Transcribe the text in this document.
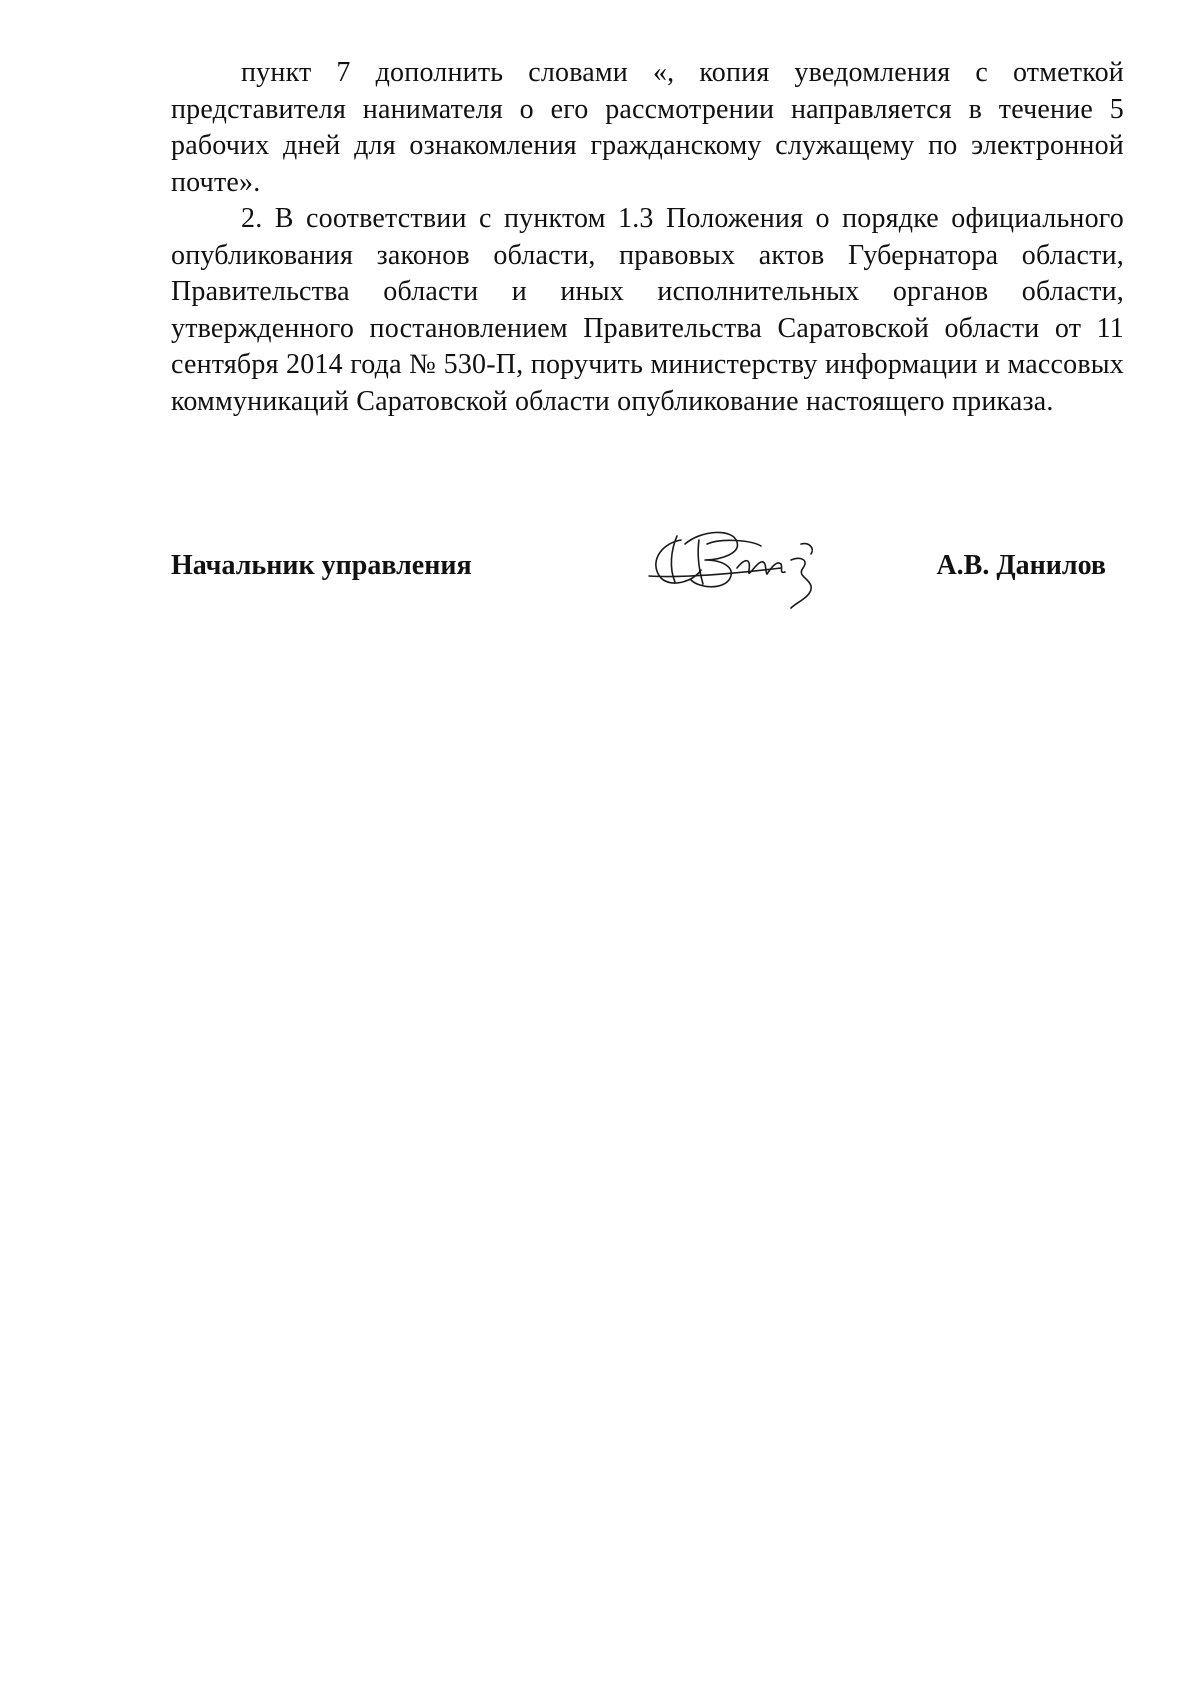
пункт 7 дополнить словами «, копия уведомления с отметкой представителя нанимателя о его рассмотрении направляется в течение 5 рабочих дней для ознакомления гражданскому служащему по электронной почте».

2. В соответствии с пунктом 1.3 Положения о порядке официального опубликования законов области, правовых актов Губернатора области, Правительства области и иных исполнительных органов области, утвержденного постановлением Правительства Саратовской области от 11 сентября 2014 года № 530-П, поручить министерству информации и массовых коммуникаций Саратовской области опубликование настоящего приказа.

Начальник управления	А.В. Данилов
